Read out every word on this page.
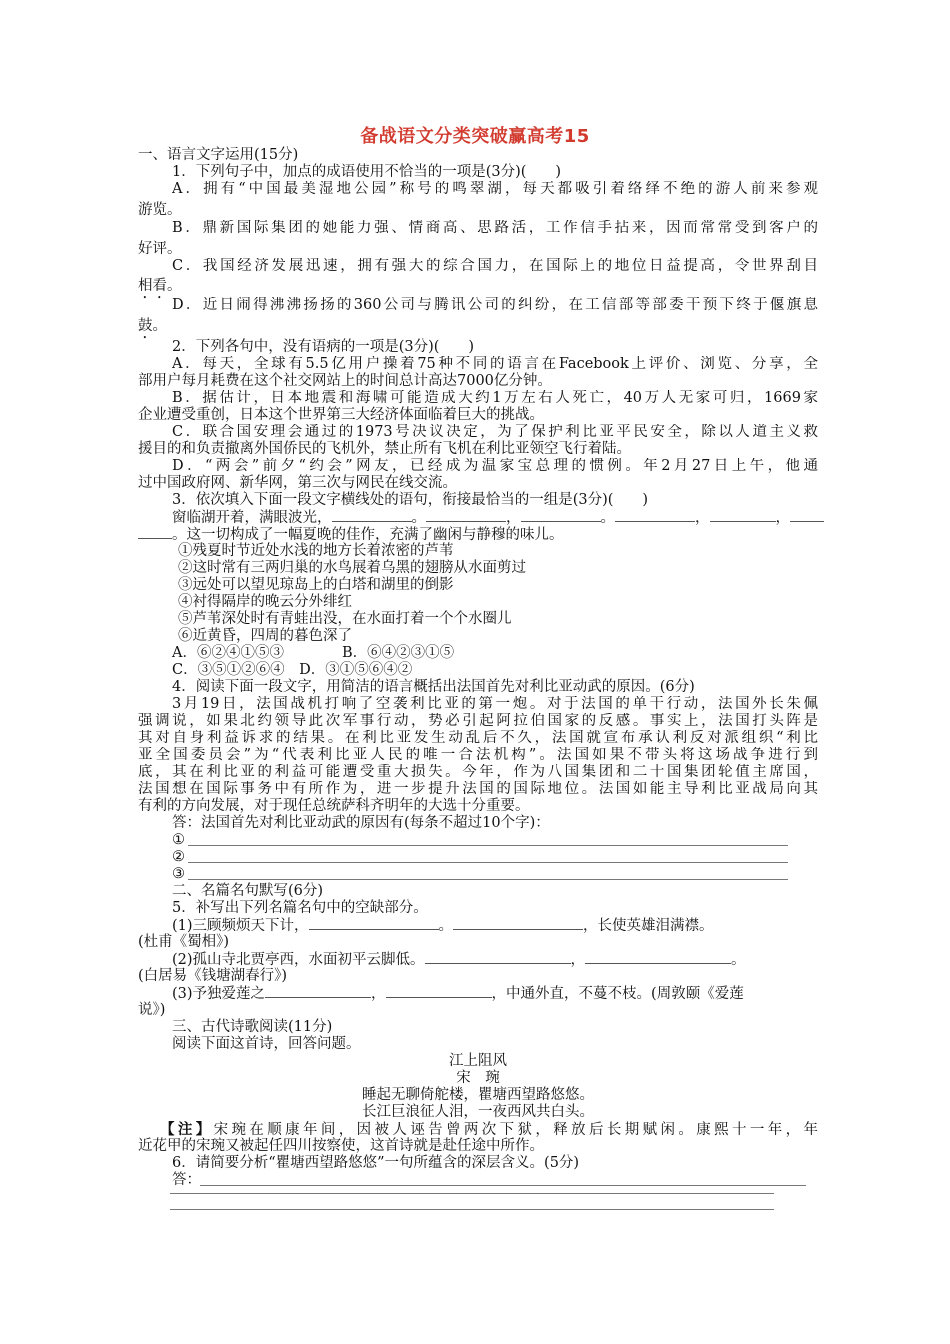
备战语文分类突破赢高考15
一、语言文字运用(15分)
1．下列句子中，加点的成语使用不恰当的一项是(3分)(　　)
A．拥有“中国最美湿地公园”称号的鸣翠湖，每天都吸引着络绎不绝的游人前来参观
游览。
B．鼎新国际集团的她能力强、情商高、思路活，工作信手拈来，因而常常受到客户的
好评。
C．我国经济发展迅速，拥有强大的综合国力，在国际上的地位日益提高，令世界刮目
相看。
D．近日闹得沸沸扬扬的360公司与腾讯公司的纠纷，在工信部等部委干预下终于偃旗息
鼓。
2．下列各句中，没有语病的一项是(3分)(　　)
A．每天，全球有5.5亿用户操着75种不同的语言在Facebook上评价、浏览、分享，全
部用户每月耗费在这个社交网站上的时间总计高达7000亿分钟。
B．据估计，日本地震和海啸可能造成大约1万左右人死亡，40万人无家可归，1669家
企业遭受重创，日本这个世界第三大经济体面临着巨大的挑战。
C．联合国安理会通过的1973号决议决定，为了保护利比亚平民安全，除以人道主义救
援目的和负责撤离外国侨民的飞机外，禁止所有飞机在利比亚领空飞行着陆。
D．“两会”前夕“约会”网友，已经成为温家宝总理的惯例。年2月27日上午，他通
过中国政府网、新华网，第三次与网民在线交流。
3．依次填入下面一段文字横线处的语句，衔接最恰当的一组是(3分)(　　)
窗临湖开着，满眼波光，	。	，	。	，	，
。这一切构成了一幅夏晚的佳作，充满了幽闲与静穆的味儿。
①残夏时节近处水浅的地方长着浓密的芦苇
②这时常有三两归巢的水鸟展着乌黑的翅膀从水面剪过
③远处可以望见琼岛上的白塔和湖里的倒影
④衬得隔岸的晚云分外绯红
⑤芦苇深处时有青蛙出没，在水面打着一个个水圈儿
⑥近黄昏，四周的暮色深了
A．⑥②④①⑤③　　　　B．⑥④②③①⑤
C．③⑤①②⑥④　D．③①⑤⑥④②
4．阅读下面一段文字，用简洁的语言概括出法国首先对利比亚动武的原因。(6分)
3月19日，法国战机打响了空袭利比亚的第一炮。对于法国的单干行动，法国外长朱佩
强调说，如果北约领导此次军事行动，势必引起阿拉伯国家的反感。事实上，法国打头阵是
其对自身利益诉求的结果。在利比亚发生动乱后不久，法国就宣布承认利反对派组织“利比
亚全国委员会”为“代表利比亚人民的唯一合法机构”。法国如果不带头将这场战争进行到
底，其在利比亚的利益可能遭受重大损失。今年，作为八国集团和二十国集团轮值主席国，
法国想在国际事务中有所作为，进一步提升法国的国际地位。法国如能主导利比亚战局向其
有利的方向发展，对于现任总统萨科齐明年的大选十分重要。
答：法国首先对利比亚动武的原因有(每条不超过10个字)：
①
②
③
二、名篇名句默写(6分)
5．补写出下列名篇名句中的空缺部分。
(1)三顾频烦天下计，	。	，长使英雄泪满襟。
(杜甫《蜀相》)
(2)孤山寺北贾亭西，水面初平云脚低。	，	。
(白居易《钱塘湖春行》)
(3)予独爱莲之	，	，中通外直，不蔓不枝。(周敦颐《爱莲
说》)
三、古代诗歌阅读(11分)
阅读下面这首诗，回答问题。
江上阻风
宋　琬
睡起无聊倚舵楼，瞿塘西望路悠悠。
长江巨浪征人泪，一夜西风共白头。
【注】宋琬在顺康年间，因被人诬告曾两次下狱，释放后长期赋闲。康熙十一年，年
近花甲的宋琬又被起任四川按察使，这首诗就是赴任途中所作。
6．请简要分析“瞿塘西望路悠悠”一句所蕴含的深层含义。(5分)
答：
